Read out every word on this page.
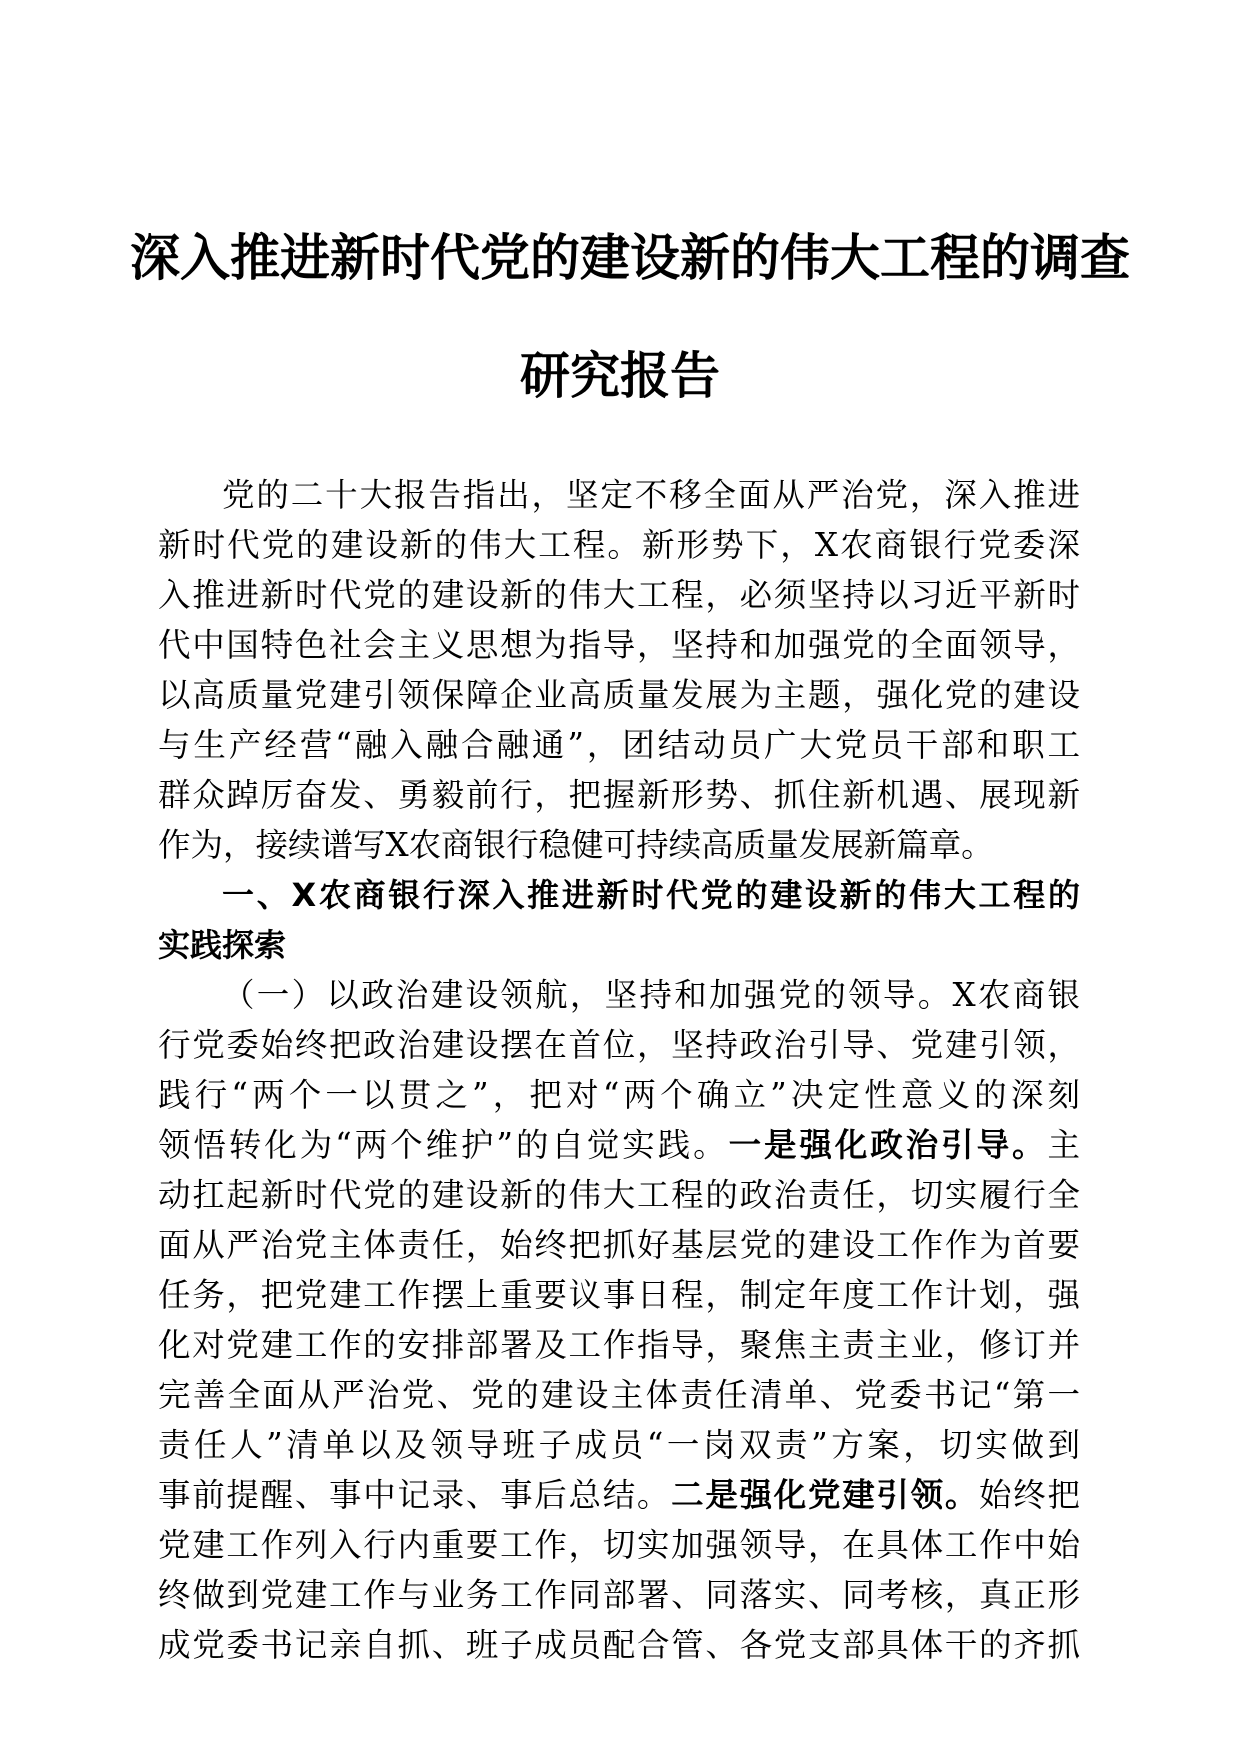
深入推进新时代党的建设新的伟大工程的调查
研究报告
党的二十大报告指出，坚定不移全面从严治党，深入推进
新时代党的建设新的伟大工程。新形势下，X农商银行党委深
入推进新时代党的建设新的伟大工程，必须坚持以习近平新时
代中国特色社会主义思想为指导，坚持和加强党的全面领导，
以高质量党建引领保障企业高质量发展为主题，强化党的建设
与生产经营“融入融合融通”，团结动员广大党员干部和职工
群众踔厉奋发、勇毅前行，把握新形势、抓住新机遇、展现新
作为，接续谱写X农商银行稳健可持续高质量发展新篇章。
一、X农商银行深入推进新时代党的建设新的伟大工程的
实践探索
（一）以政治建设领航，坚持和加强党的领导。X农商银
行党委始终把政治建设摆在首位，坚持政治引导、党建引领，
践行“两个一以贯之”，把对“两个确立”决定性意义的深刻
领悟转化为“两个维护”的自觉实践。一是强化政治引导。主
动扛起新时代党的建设新的伟大工程的政治责任，切实履行全
面从严治党主体责任，始终把抓好基层党的建设工作作为首要
任务，把党建工作摆上重要议事日程，制定年度工作计划，强
化对党建工作的安排部署及工作指导，聚焦主责主业，修订并
完善全面从严治党、党的建设主体责任清单、党委书记“第一
责任人”清单以及领导班子成员“一岗双责”方案，切实做到
事前提醒、事中记录、事后总结。二是强化党建引领。始终把
党建工作列入行内重要工作，切实加强领导，在具体工作中始
终做到党建工作与业务工作同部署、同落实、同考核，真正形
成党委书记亲自抓、班子成员配合管、各党支部具体干的齐抓
